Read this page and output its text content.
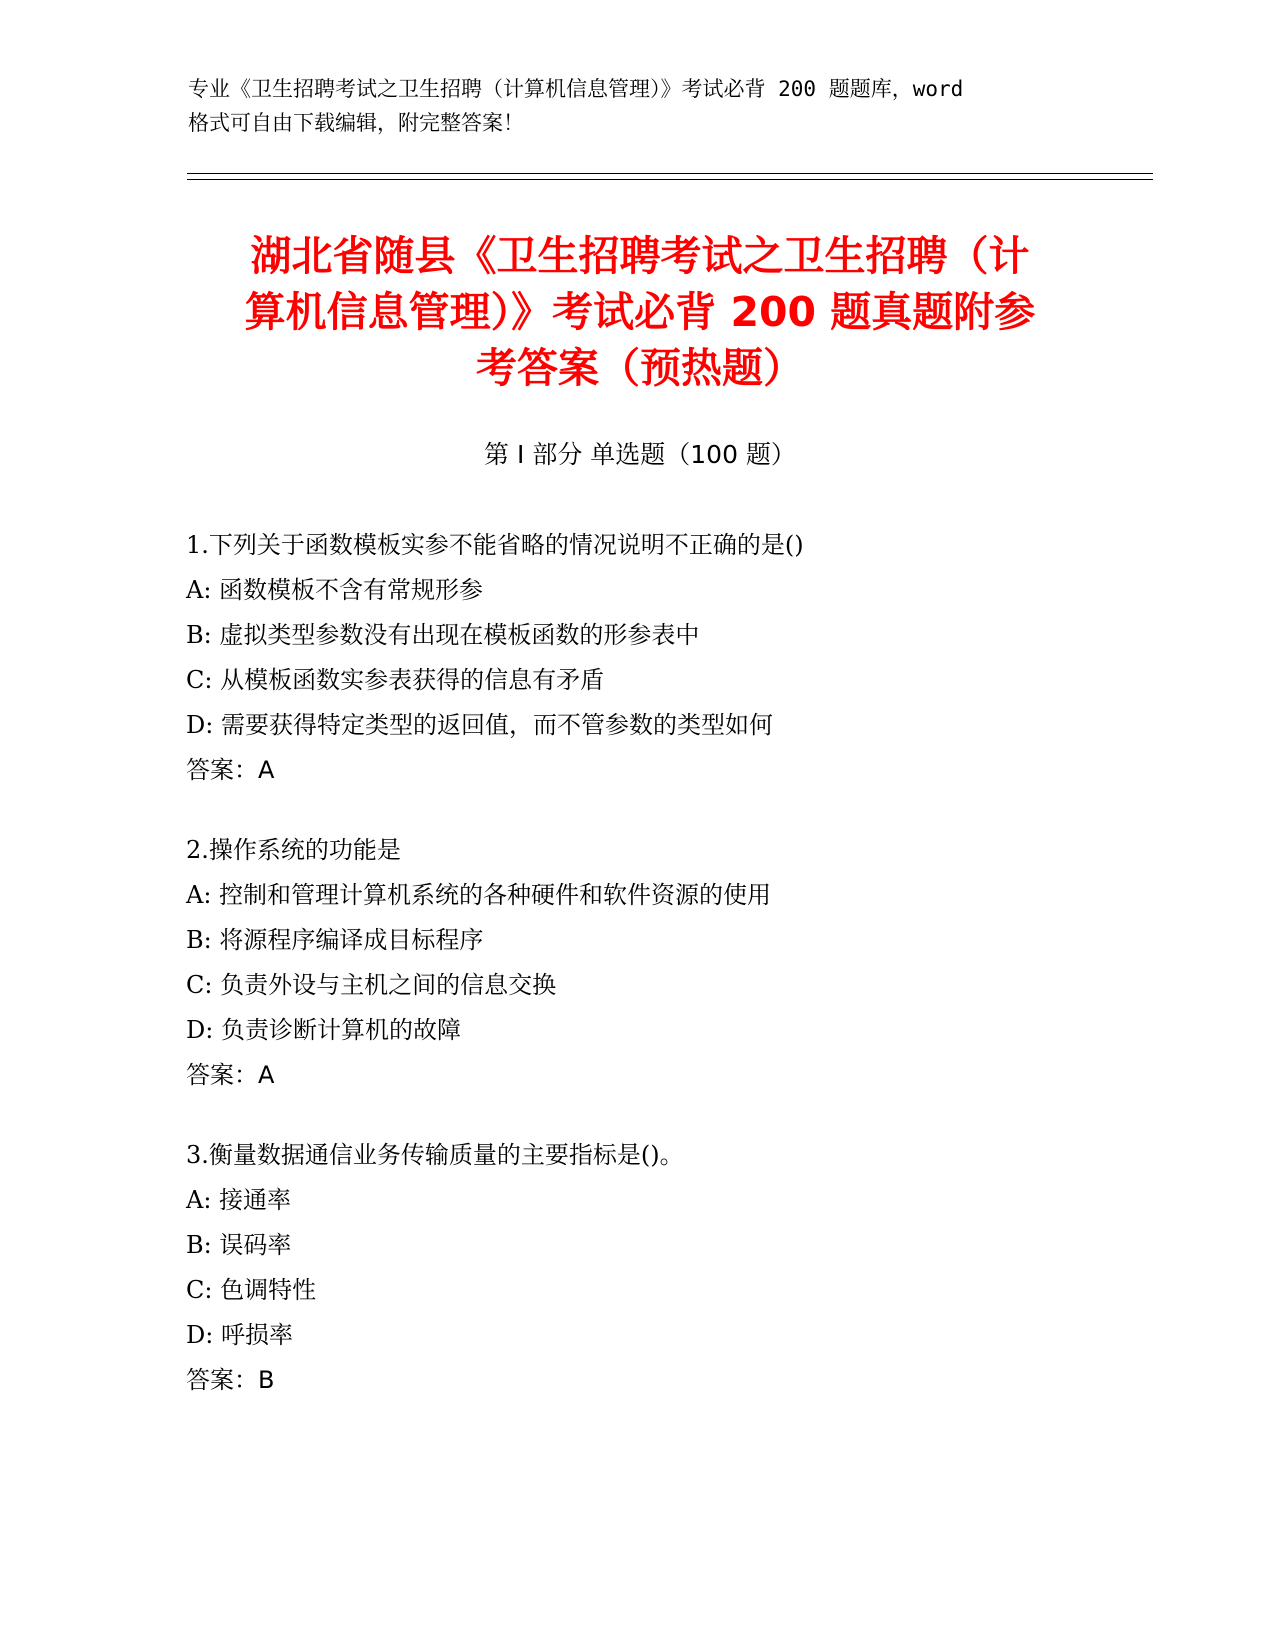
专业《卫生招聘考试之卫生招聘（计算机信息管理）》考试必背 200 题题库，word
格式可自由下载编辑，附完整答案！
湖北省随县《卫生招聘考试之卫生招聘（计
算机信息管理）》考试必背 200 题真题附参
考答案（预热题）
第 I 部分 单选题（100 题）
1.下列关于函数模板实参不能省略的情况说明不正确的是()
A: 函数模板不含有常规形参
B: 虚拟类型参数没有出现在模板函数的形参表中
C: 从模板函数实参表获得的信息有矛盾
D: 需要获得特定类型的返回值，而不管参数的类型如何
答案：A
2.操作系统的功能是
A: 控制和管理计算机系统的各种硬件和软件资源的使用
B: 将源程序编译成目标程序
C: 负责外设与主机之间的信息交换
D: 负责诊断计算机的故障
答案：A
3.衡量数据通信业务传输质量的主要指标是()。
A: 接通率
B: 误码率
C: 色调特性
D: 呼损率
答案：B
